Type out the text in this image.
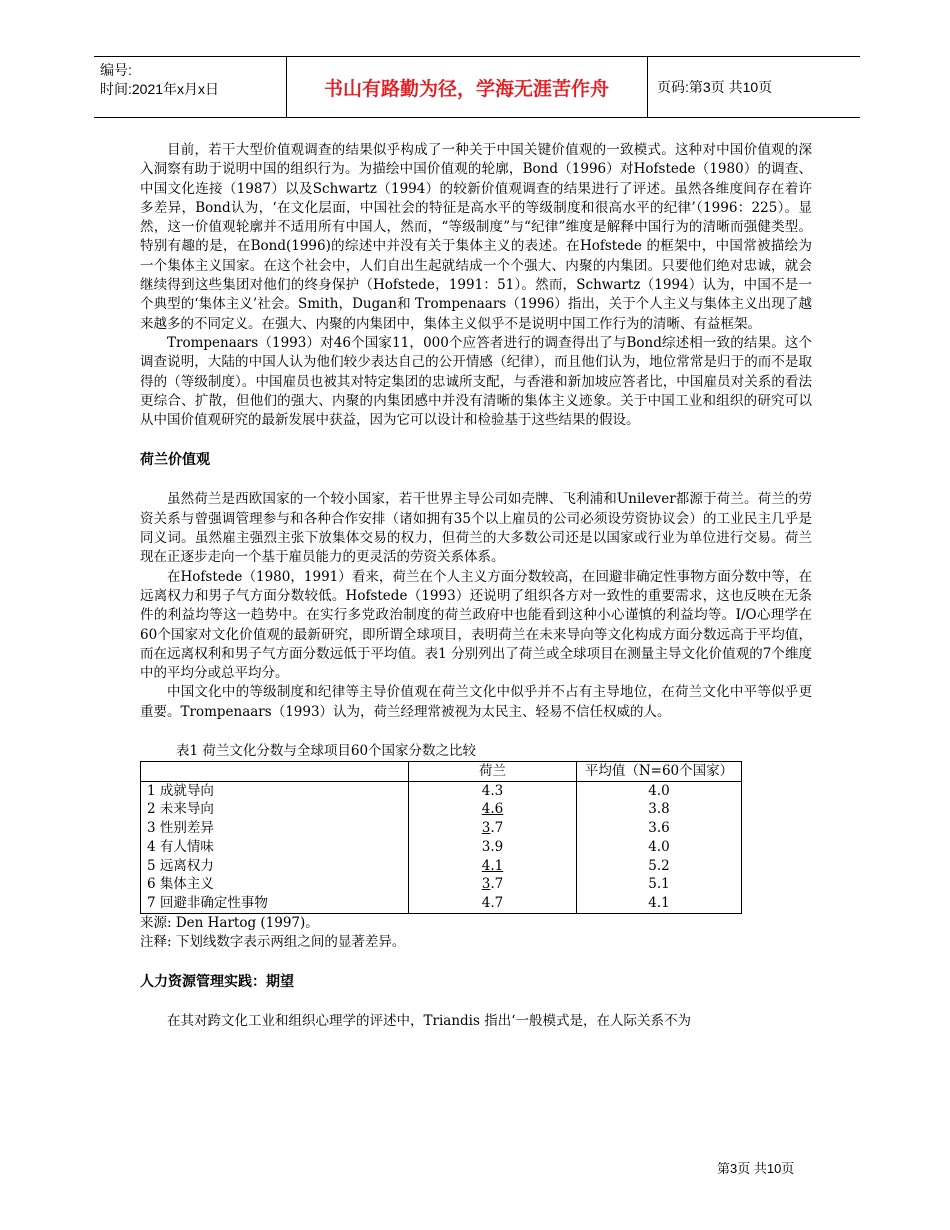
编号:
时间:2021年x月x日	书山有路勤为径，学海无涯苦作舟	页码:第3页 共10页

目前，若干大型价值观调查的结果似乎构成了一种关于中国关键价值观的一致模式。这种对中国价值观的深入洞察有助于说明中国的组织行为。为描绘中国价值观的轮廓，Bond（1996）对Hofstede（1980）的调查、中国文化连接（1987）以及Schwartz（1994）的较新价值观调查的结果进行了评述。虽然各维度间存在着许多差异，Bond认为，‘在文化层面，中国社会的特征是高水平的等级制度和很高水平的纪律’（1996：225）。显然，这一价值观轮廓并不适用所有中国人，然而，“等级制度”与“纪律”维度是解释中国行为的清晰而强健类型。特别有趣的是，在Bond(1996)的综述中并没有关于集体主义的表述。在Hofstede 的框架中，中国常被描绘为一个集体主义国家。在这个社会中，人们自出生起就结成一个个强大、内聚的内集团。只要他们绝对忠诚，就会继续得到这些集团对他们的终身保护（Hofstede，1991：51）。然而，Schwartz（1994）认为，中国不是一个典型的‘集体主义’社会。Smith，Dugan和 Trompenaars（1996）指出，关于个人主义与集体主义出现了越来越多的不同定义。在强大、内聚的内集团中，集体主义似乎不是说明中国工作行为的清晰、有益框架。

Trompenaars（1993）对46个国家11，000个应答者进行的调查得出了与Bond综述相一致的结果。这个调查说明，大陆的中国人认为他们较少表达自己的公开情感（纪律），而且他们认为，地位常常是归于的而不是取得的（等级制度）。中国雇员也被其对特定集团的忠诚所支配，与香港和新加坡应答者比，中国雇员对关系的看法更综合、扩散，但他们的强大、内聚的内集团感中并没有清晰的集体主义迹象。关于中国工业和组织的研究可以从中国价值观研究的最新发展中获益，因为它可以设计和检验基于这些结果的假设。

荷兰价值观

虽然荷兰是西欧国家的一个较小国家，若干世界主导公司如壳牌、飞利浦和Unilever都源于荷兰。荷兰的劳资关系与曾强调管理参与和各种合作安排（诸如拥有35个以上雇员的公司必须设劳资协议会）的工业民主几乎是同义词。虽然雇主强烈主张下放集体交易的权力，但荷兰的大多数公司还是以国家或行业为单位进行交易。荷兰现在正逐步走向一个基于雇员能力的更灵活的劳资关系体系。

在Hofstede（1980，1991）看来，荷兰在个人主义方面分数较高，在回避非确定性事物方面分数中等，在远离权力和男子气方面分数较低。Hofstede（1993）还说明了组织各方对一致性的重要需求，这也反映在无条件的利益均等这一趋势中。在实行多党政治制度的荷兰政府中也能看到这种小心谨慎的利益均等。I/O心理学在60个国家对文化价值观的最新研究，即所谓全球项目，表明荷兰在未来导向等文化构成方面分数远高于平均值，而在远离权利和男子气方面分数远低于平均值。表1 分别列出了荷兰或全球项目在测量主导文化价值观的7个维度中的平均分或总平均分。

中国文化中的等级制度和纪律等主导价值观在荷兰文化中似乎并不占有主导地位，在荷兰文化中平等似乎更重要。Trompenaars（1993）认为，荷兰经理常被视为太民主、轻易不信任权威的人。

表1 荷兰文化分数与全球项目60个国家分数之比较

	荷兰	平均值（N=60个国家）
1 成就导向	4.3	4.0
2 未来导向	4.6	3.8
3 性别差异	3.7	3.6
4 有人情味	3.9	4.0
5 远离权力	4.1	5.2
6 集体主义	3.7	5.1
7 回避非确定性事物	4.7	4.1

来源: Den Hartog (1997)。

注释: 下划线数字表示两组之间的显著差异。

人力资源管理实践：期望

在其对跨文化工业和组织心理学的评述中，Triandis 指出‘一般模式是，在人际关系不为

第3页 共10页
